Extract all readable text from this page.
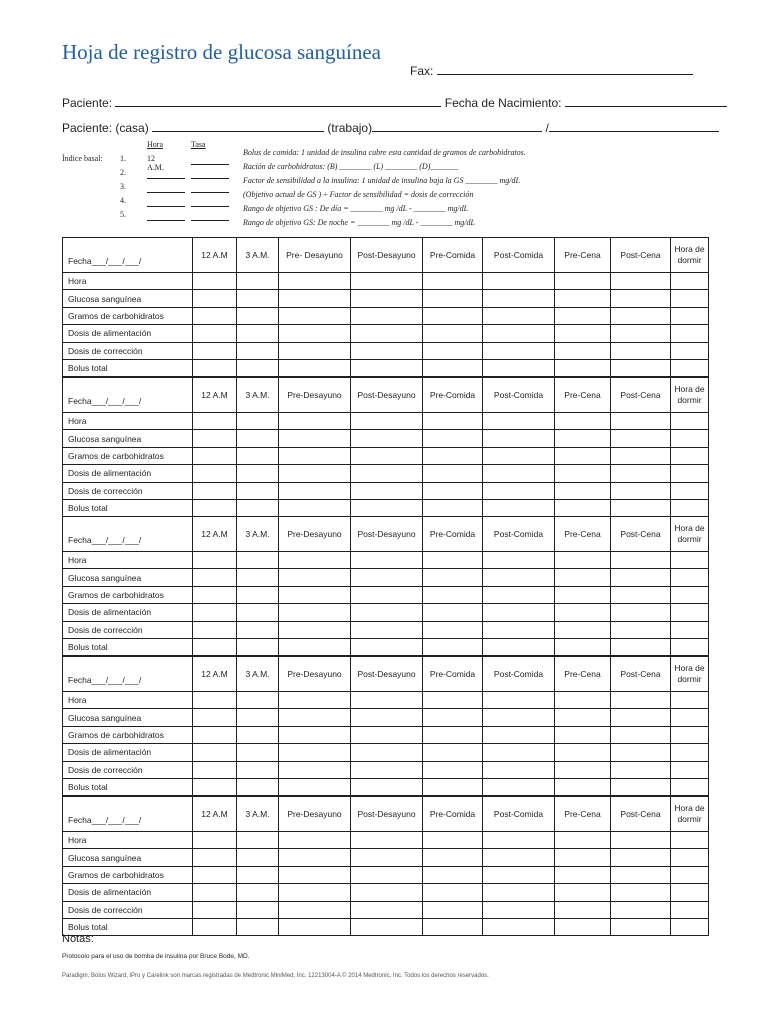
Hoja de registro de glucosa sanguínea
Fax:
Paciente:	Fecha de Nacimiento:
Paciente: (casa)	(trabajo)	/
Índice basal:
Hora	Tasa
1.	12 A.M.
2.
3.
4.
5.
Bolus de comida: 1 unidad de insulina cubre esta cantidad de gramos de carbohidratos.
Ración de carbohidratos: (B) ________ (L) ________ (D)_______
Factor de sensibilidad a la insulina: 1 unidad de insulina baja la GS ________ mg/dL
(Objetivo actual de GS ) ÷ Factor de sensibilidad = dosis de corrección
Rango de objetivo GS : De día = ________ mg /dL - ________ mg/dL
Rango de objetivo GS: De noche = ________ mg /dL - ________ mg/dL
Fecha___/___/___/	12 A.M	3 A.M.	Pre- Desayuno	Post-Desayuno	Pre-Comida	Post-Comida	Pre-Cena	Post-Cena	Hora de dormir	
Hora										
Glucosa sanguínea										
Gramos de carbohidratos										
Dosis de alimentación										
Dosis de corrección										
Bolus total										
Fecha___/___/___/	12 A.M	3 A.M.	Pre-Desayuno	Post-Desayuno	Pre-Comida	Post-Comida	Pre-Cena	Post-Cena	Hora de dormir	
Hora										
Glucosa sanguínea										
Gramos de carbohidratos										
Dosis de alimentación										
Dosis de corrección										
Bolus total										
Fecha___/___/___/	12 A.M	3 A.M.	Pre-Desayuno	Post-Desayuno	Pre-Comida	Post-Comida	Pre-Cena	Post-Cena	Hora de dormir	
Hora										
Glucosa sanguínea										
Gramos de carbohidratos										
Dosis de alimentación										
Dosis de corrección										
Bolus total										
Fecha___/___/___/	12 A.M	3 A.M.	Pre-Desayuno	Post-Desayuno	Pre-Comida	Post-Comida	Pre-Cena	Post-Cena	Hora de dormir	
Hora										
Glucosa sanguínea										
Gramos de carbohidratos										
Dosis de alimentación										
Dosis de corrección										
Bolus total										
Fecha___/___/___/	12 A.M	3 A.M.	Pre-Desayuno	Post-Desayuno	Pre-Comida	Post-Comida	Pre-Cena	Post-Cena	Hora de dormir	
Hora										
Glucosa sanguínea										
Gramos de carbohidratos										
Dosis de alimentación										
Dosis de corrección										
Bolus total										
Notas:
Protocolo para el uso de bomba de insulina por Bruce Bode, MD.
Paradigm, Bolus Wizard, iPro y Carelink son marcas registradas de Medtronic MiniMed, Inc. 12213004-A © 2014 Medtronic, Inc. Todos los derechos reservados.
